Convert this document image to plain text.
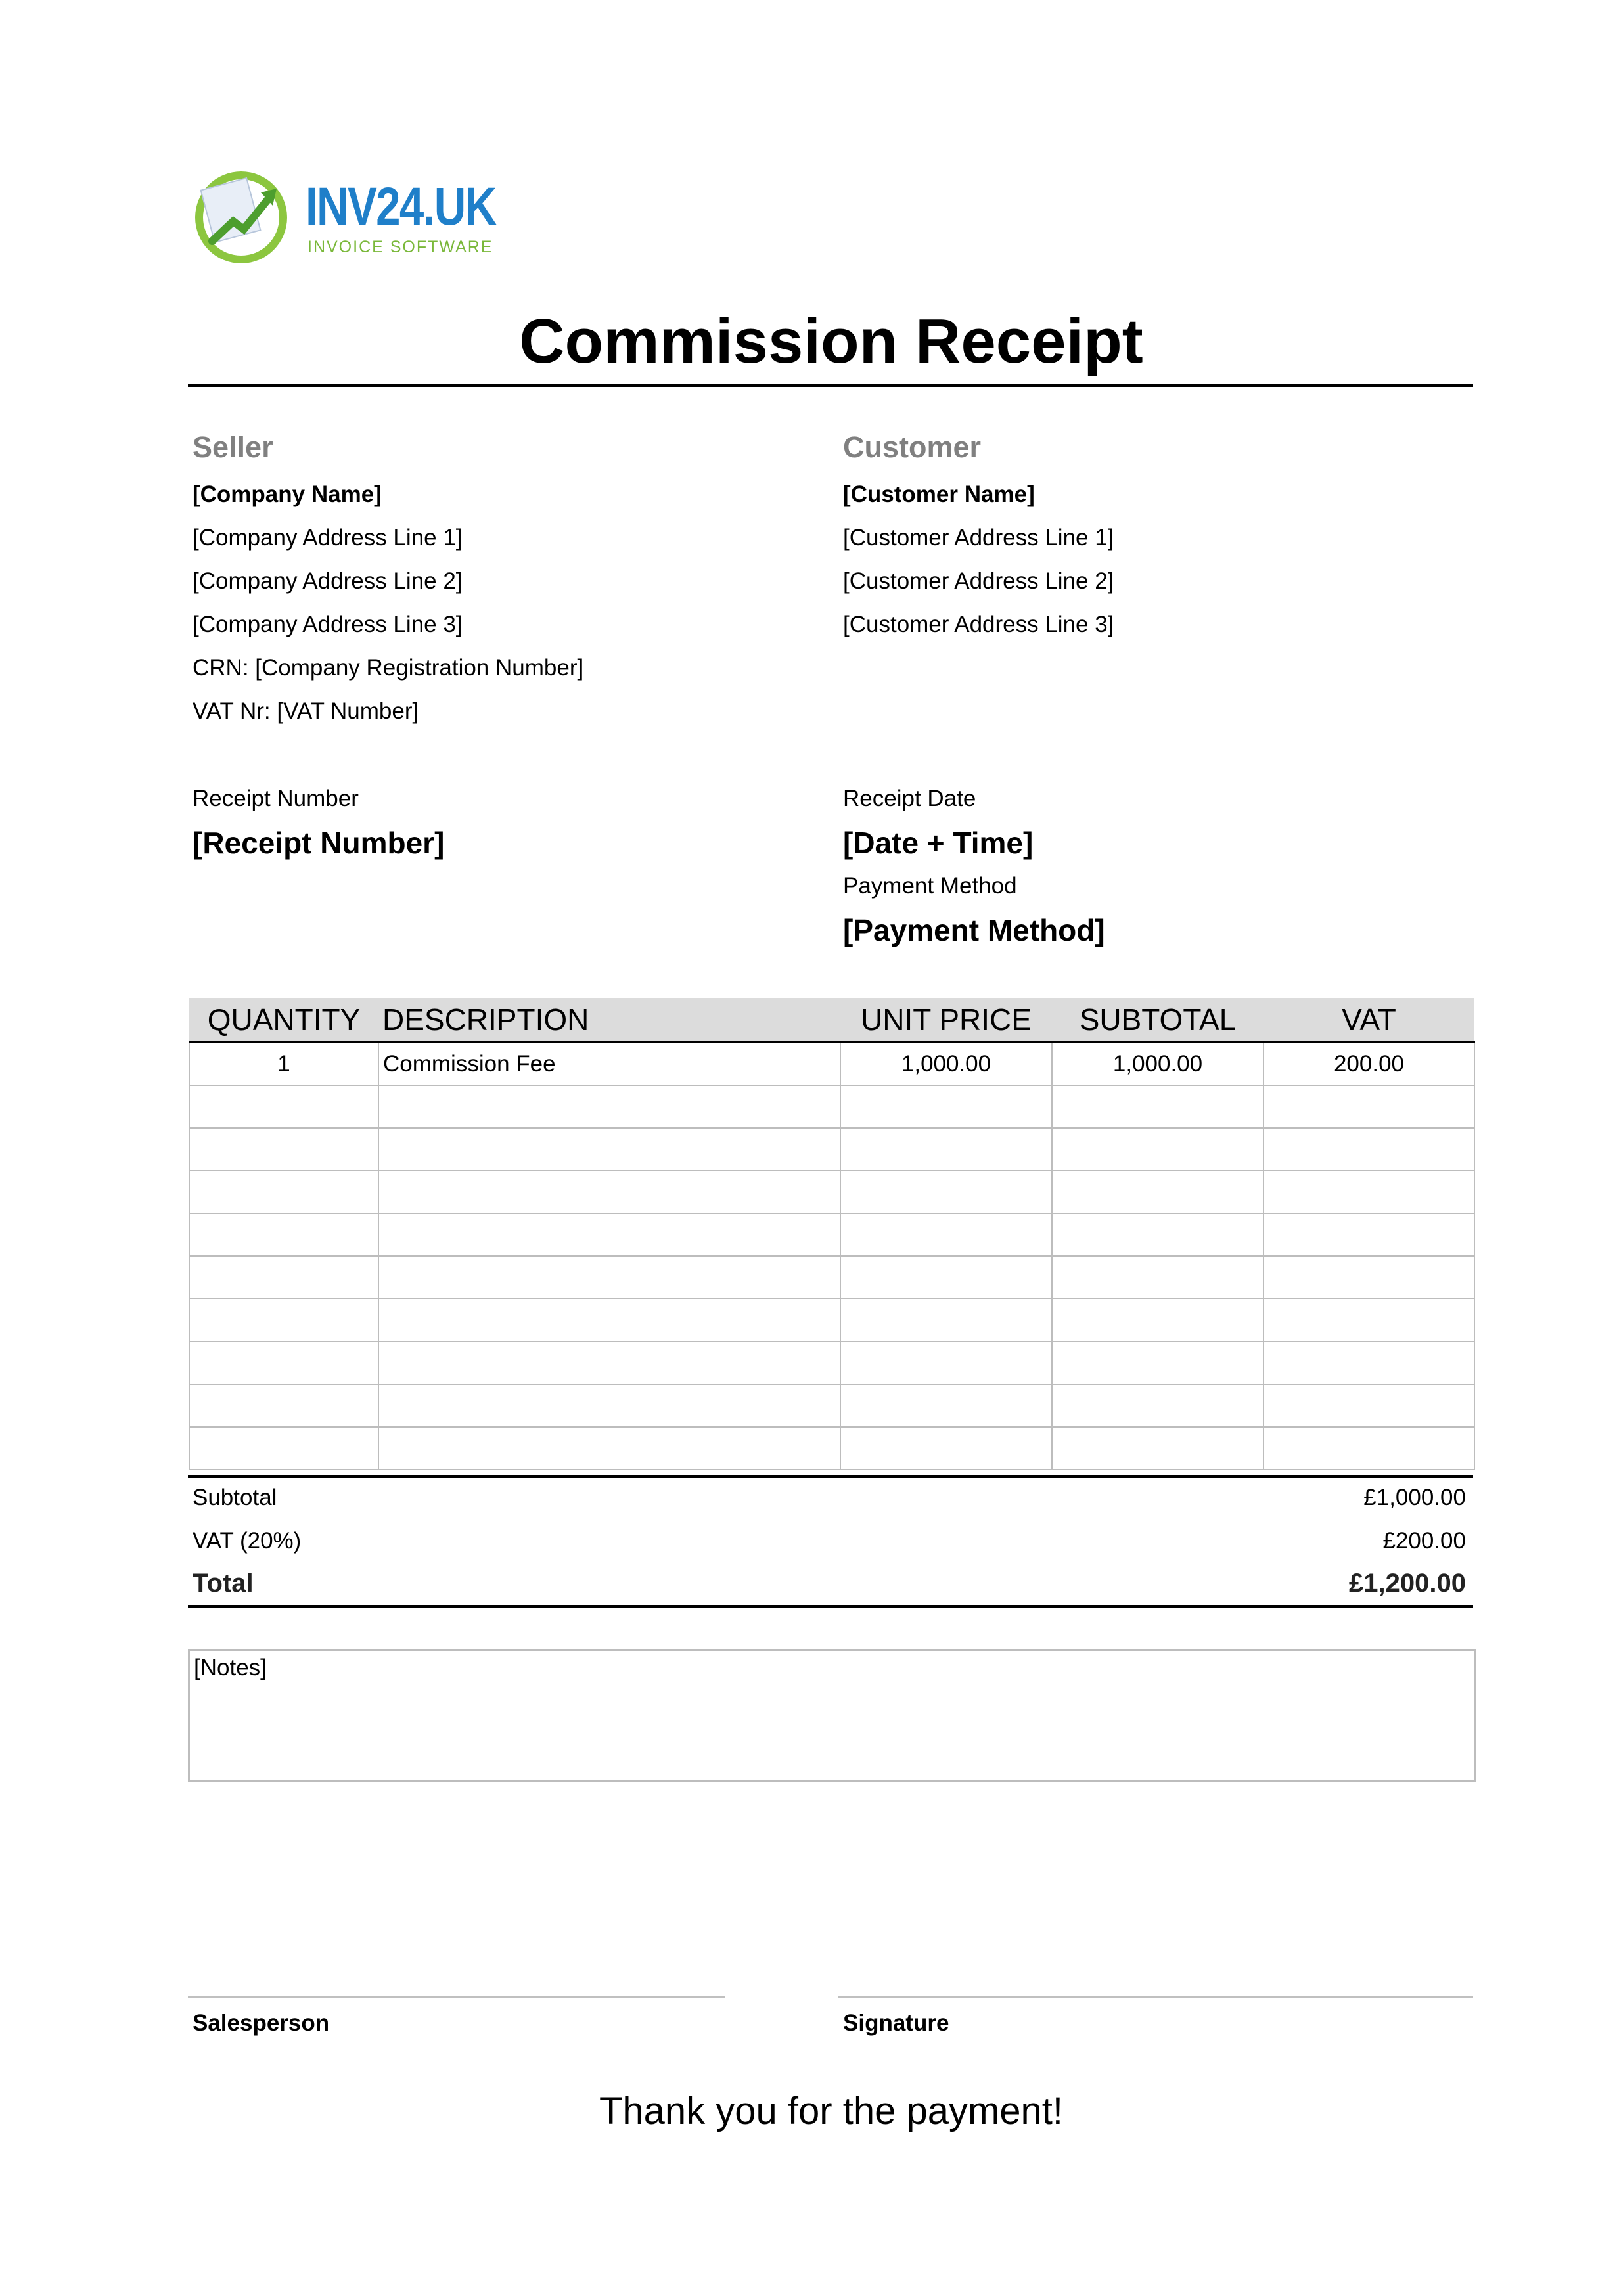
INV24.UK
INVOICE SOFTWARE
Commission Receipt
Seller
[Company Name]
[Company Address Line 1]
[Company Address Line 2]
[Company Address Line 3]
CRN: [Company Registration Number]
VAT Nr: [VAT Number]
Customer
[Customer Name]
[Customer Address Line 1]
[Customer Address Line 2]
[Customer Address Line 3]
Receipt Number
[Receipt Number]
Receipt Date
[Date + Time]
Payment Method
[Payment Method]
QUANTITY	DESCRIPTION	UNIT PRICE	SUBTOTAL	VAT
1	Commission Fee	1,000.00	1,000.00	200.00

Subtotal	£1,000.00
VAT (20%)	£200.00
Total	£1,200.00
[Notes]
Salesperson	Signature
Thank you for the payment!
